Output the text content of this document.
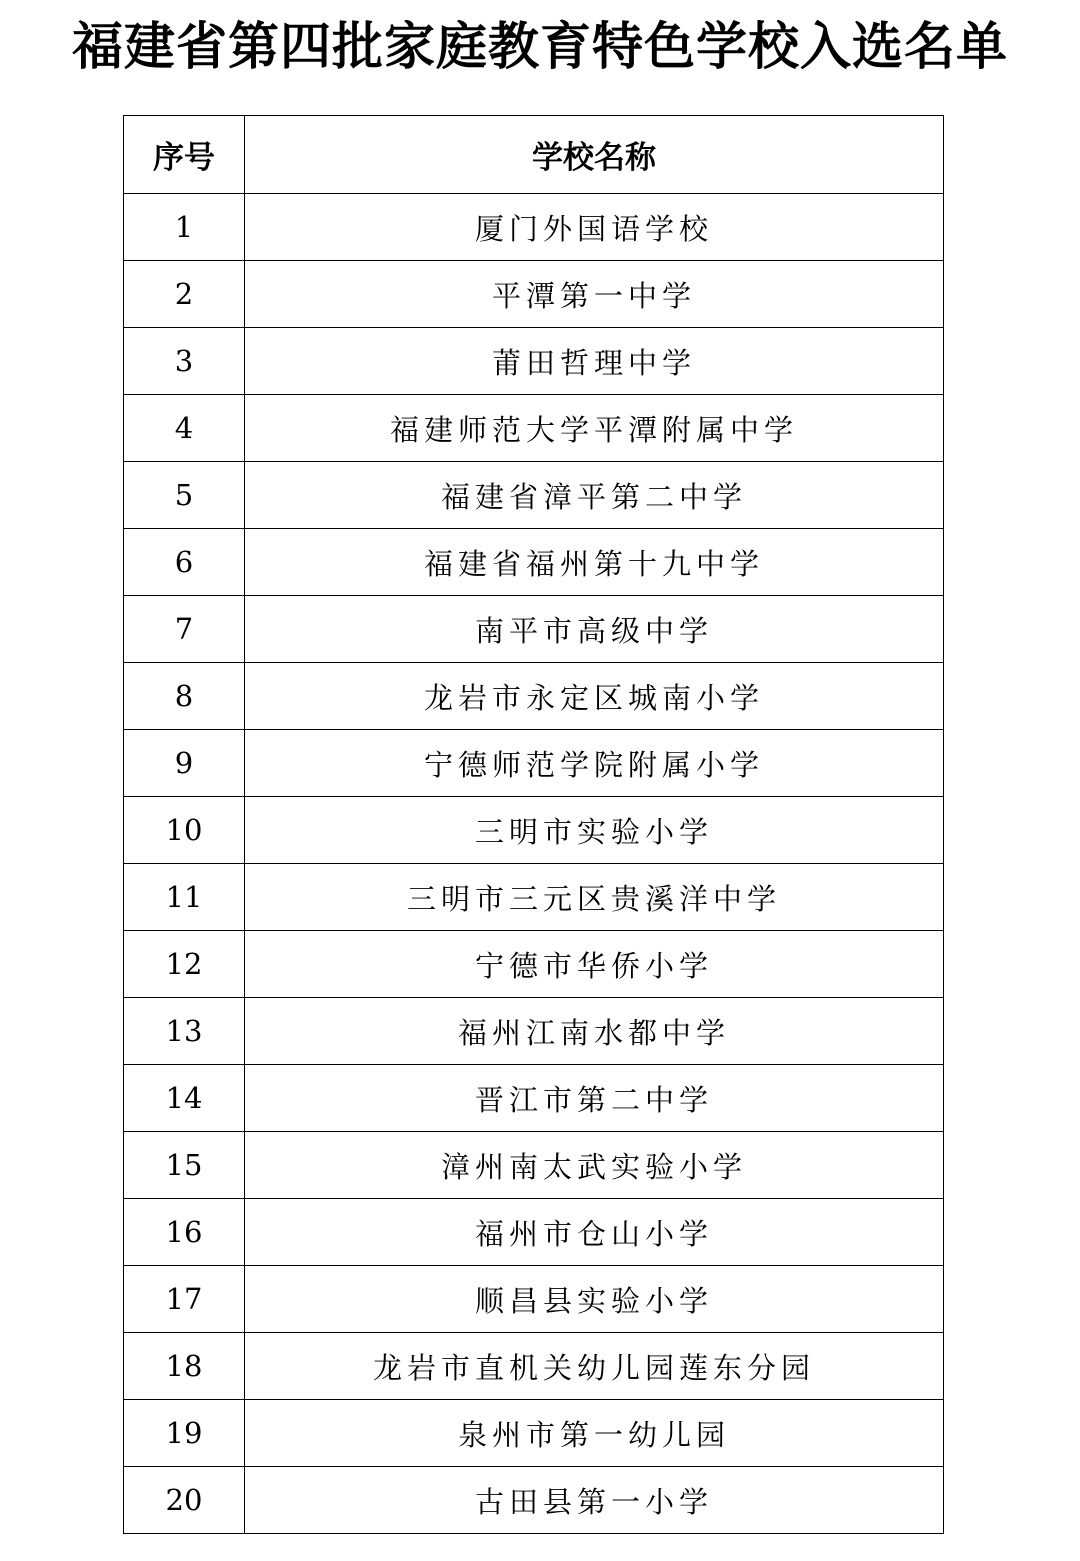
福建省第四批家庭教育特色学校入选名单
序号	学校名称
1	厦门外国语学校
2	平潭第一中学
3	莆田哲理中学
4	福建师范大学平潭附属中学
5	福建省漳平第二中学
6	福建省福州第十九中学
7	南平市高级中学
8	龙岩市永定区城南小学
9	宁德师范学院附属小学
10	三明市实验小学
11	三明市三元区贵溪洋中学
12	宁德市华侨小学
13	福州江南水都中学
14	晋江市第二中学
15	漳州南太武实验小学
16	福州市仓山小学
17	顺昌县实验小学
18	龙岩市直机关幼儿园莲东分园
19	泉州市第一幼儿园
20	古田县第一小学
